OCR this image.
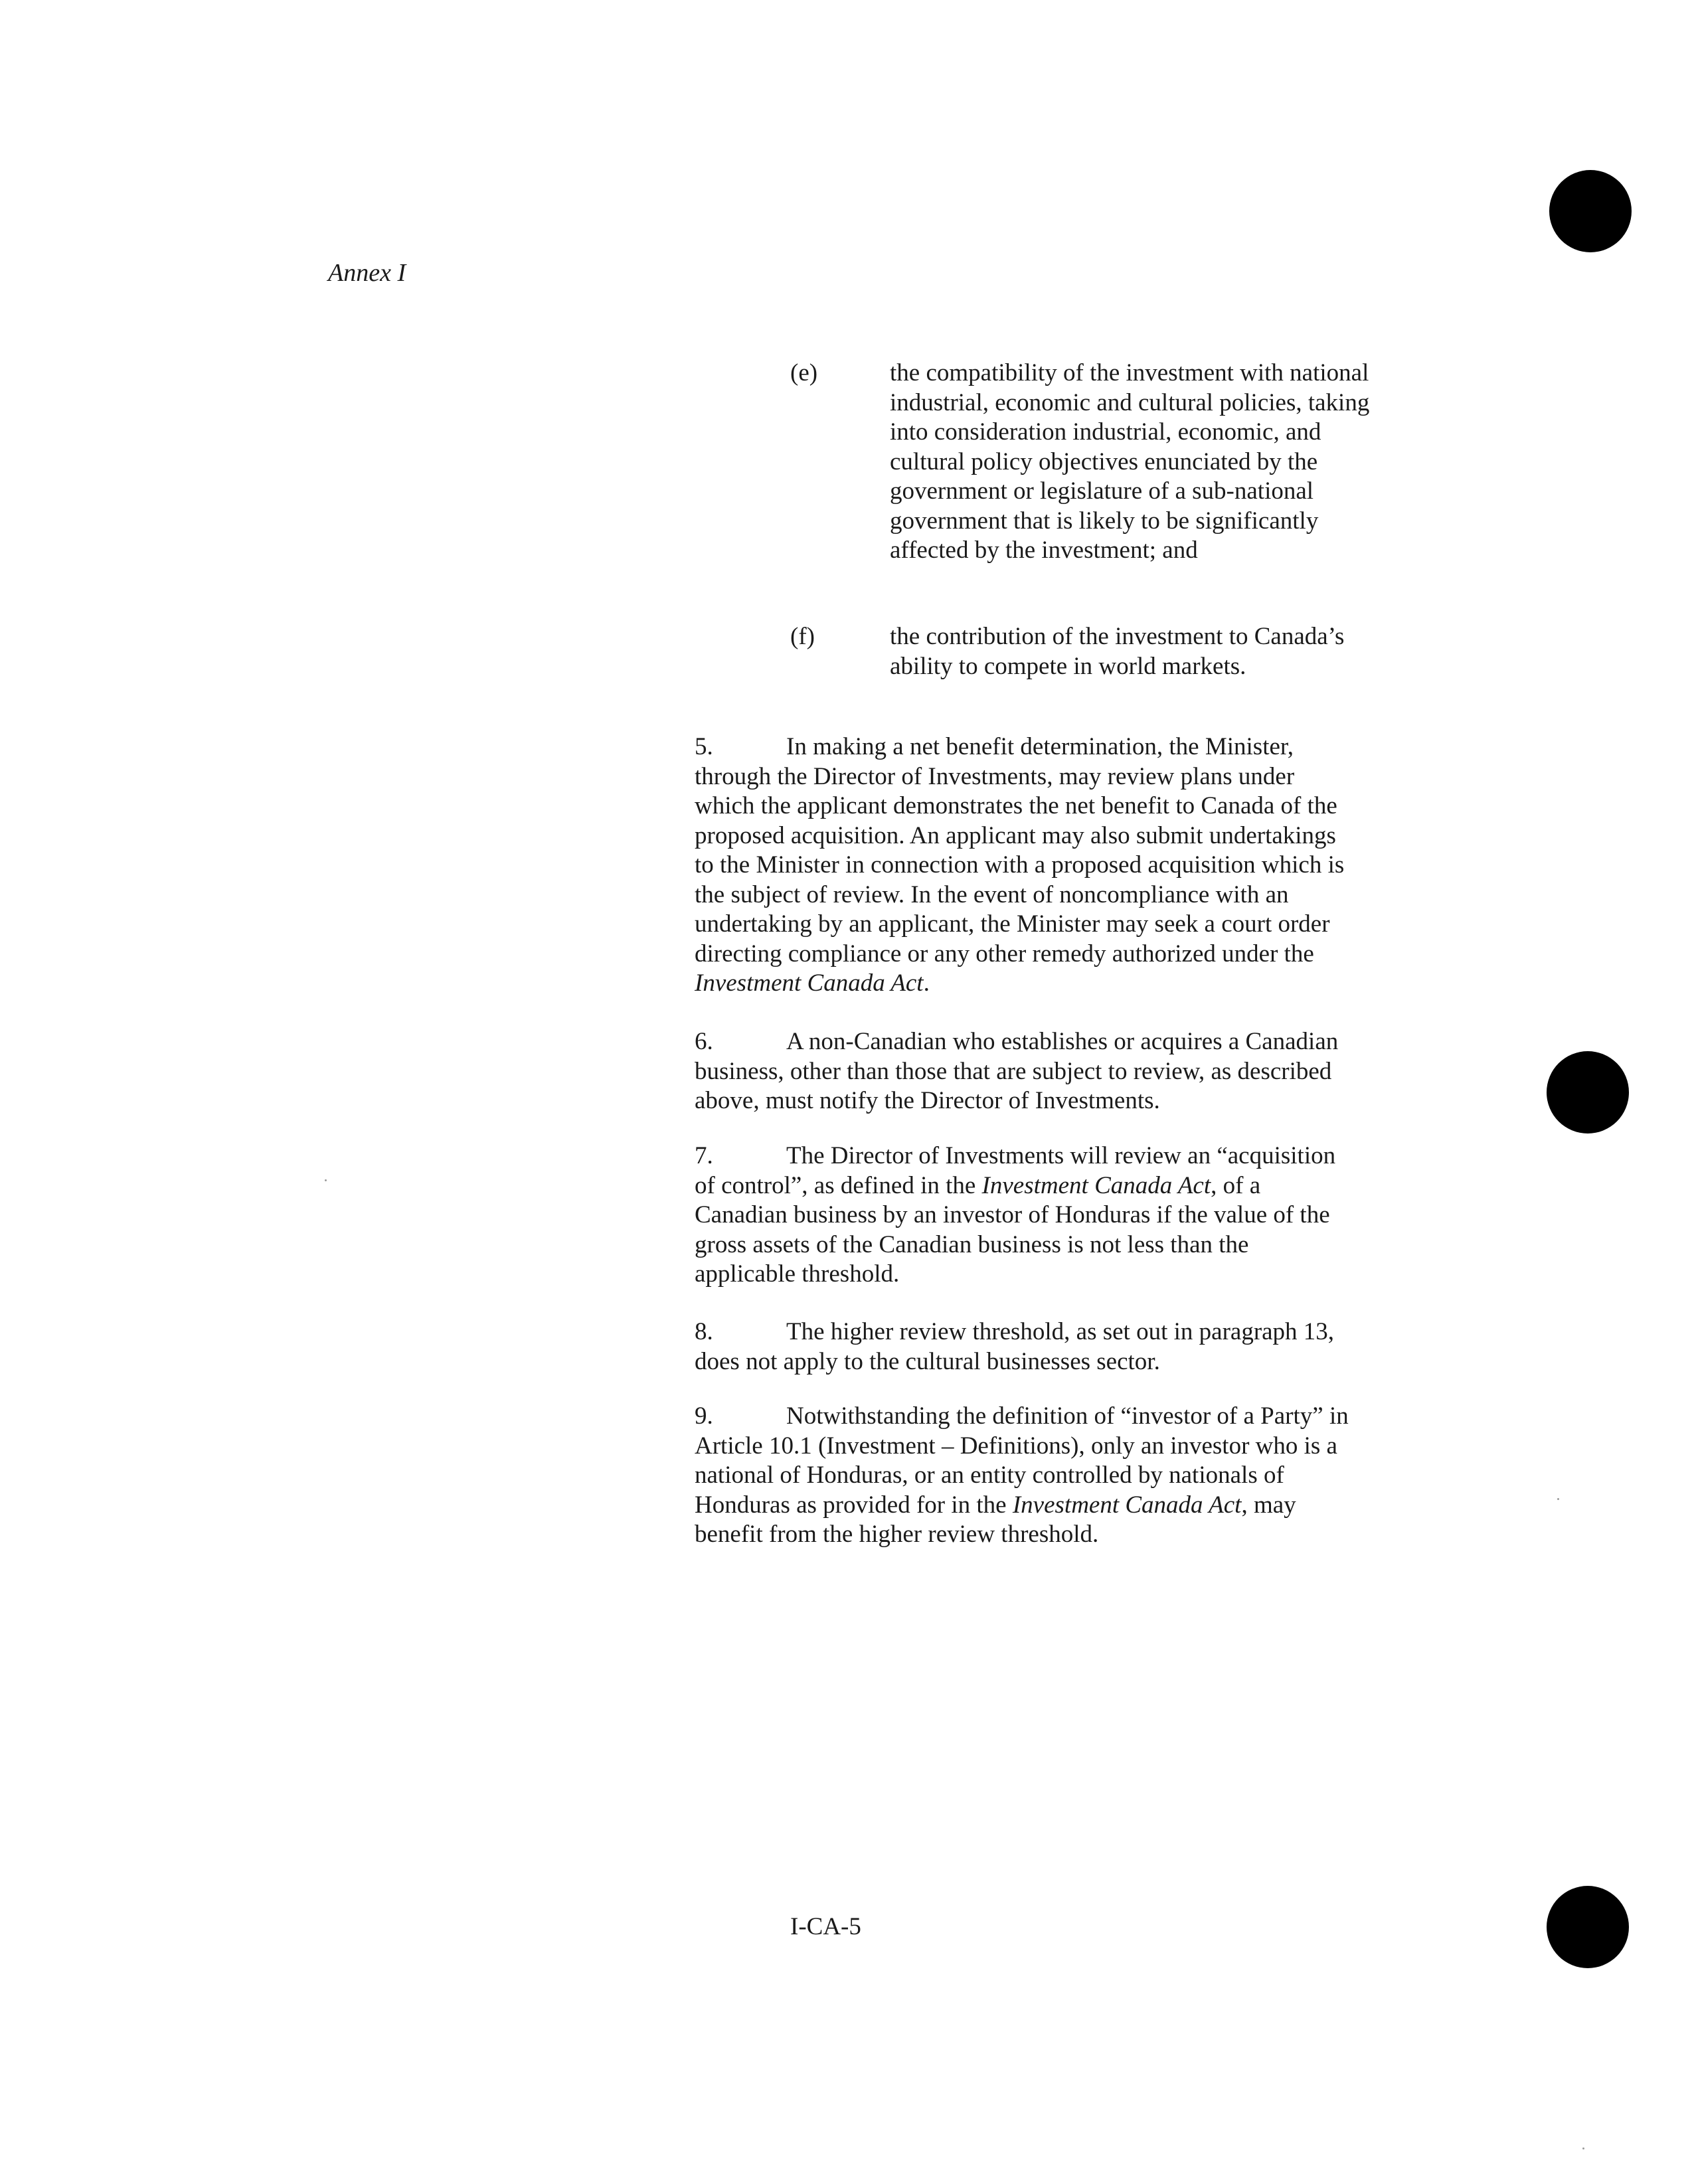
Annex I
(e)	the compatibility of the investment with national industrial, economic and cultural policies, taking into consideration industrial, economic, and cultural policy objectives enunciated by the government or legislature of a sub-national government that is likely to be significantly affected by the investment; and
(f)	the contribution of the investment to Canada’s ability to compete in world markets.
5.	In making a net benefit determination, the Minister, through the Director of Investments, may review plans under which the applicant demonstrates the net benefit to Canada of the proposed acquisition. An applicant may also submit undertakings to the Minister in connection with a proposed acquisition which is the subject of review. In the event of noncompliance with an undertaking by an applicant, the Minister may seek a court order directing compliance or any other remedy authorized under the Investment Canada Act.
6.	A non-Canadian who establishes or acquires a Canadian business, other than those that are subject to review, as described above, must notify the Director of Investments.
7.	The Director of Investments will review an “acquisition of control”, as defined in the Investment Canada Act, of a Canadian business by an investor of Honduras if the value of the gross assets of the Canadian business is not less than the applicable threshold.
8.	The higher review threshold, as set out in paragraph 13, does not apply to the cultural businesses sector.
9.	Notwithstanding the definition of “investor of a Party” in Article 10.1 (Investment – Definitions), only an investor who is a national of Honduras, or an entity controlled by nationals of Honduras as provided for in the Investment Canada Act, may benefit from the higher review threshold.
I-CA-5
